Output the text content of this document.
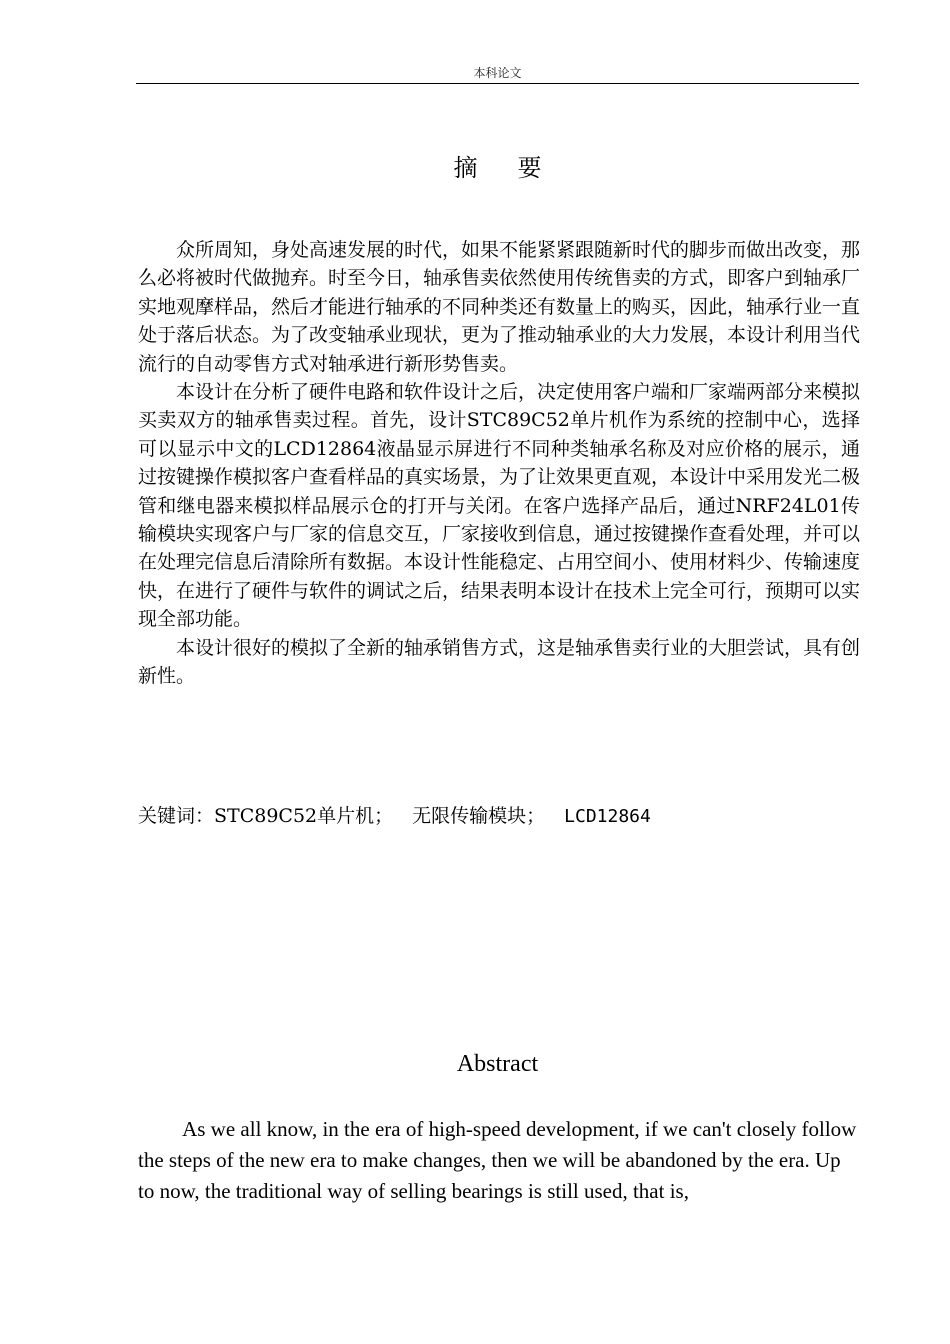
本科论文
摘要

众所周知，身处高速发展的时代，如果不能紧紧跟随新时代的脚步而做出改变，那么必将被时代做抛弃。时至今日，轴承售卖依然使用传统售卖的方式，即客户到轴承厂实地观摩样品，然后才能进行轴承的不同种类还有数量上的购买，因此，轴承行业一直处于落后状态。为了改变轴承业现状，更为了推动轴承业的大力发展，本设计利用当代流行的自动零售方式对轴承进行新形势售卖。

本设计在分析了硬件电路和软件设计之后，决定使用客户端和厂家端两部分来模拟买卖双方的轴承售卖过程。首先，设计STC89C52单片机作为系统的控制中心，选择可以显示中文的LCD12864液晶显示屏进行不同种类轴承名称及对应价格的展示，通过按键操作模拟客户查看样品的真实场景，为了让效果更直观，本设计中采用发光二极管和继电器来模拟样品展示仓的打开与关闭。在客户选择产品后，通过NRF24L01传输模块实现客户与厂家的信息交互，厂家接收到信息，通过按键操作查看处理，并可以在处理完信息后清除所有数据。本设计性能稳定、占用空间小、使用材料少、传输速度快，在进行了硬件与软件的调试之后，结果表明本设计在技术上完全可行，预期可以实现全部功能。

本设计很好的模拟了全新的轴承销售方式，这是轴承售卖行业的大胆尝试，具有创新性。

关键词：STC89C52单片机；  无限传输模块；  LCD12864
Abstract

As we all know, in the era of high-speed development, if we can't closely follow the steps of the new era to make changes, then we will be abandoned by the era. Up to now, the traditional way of selling bearings is still used, that is,
